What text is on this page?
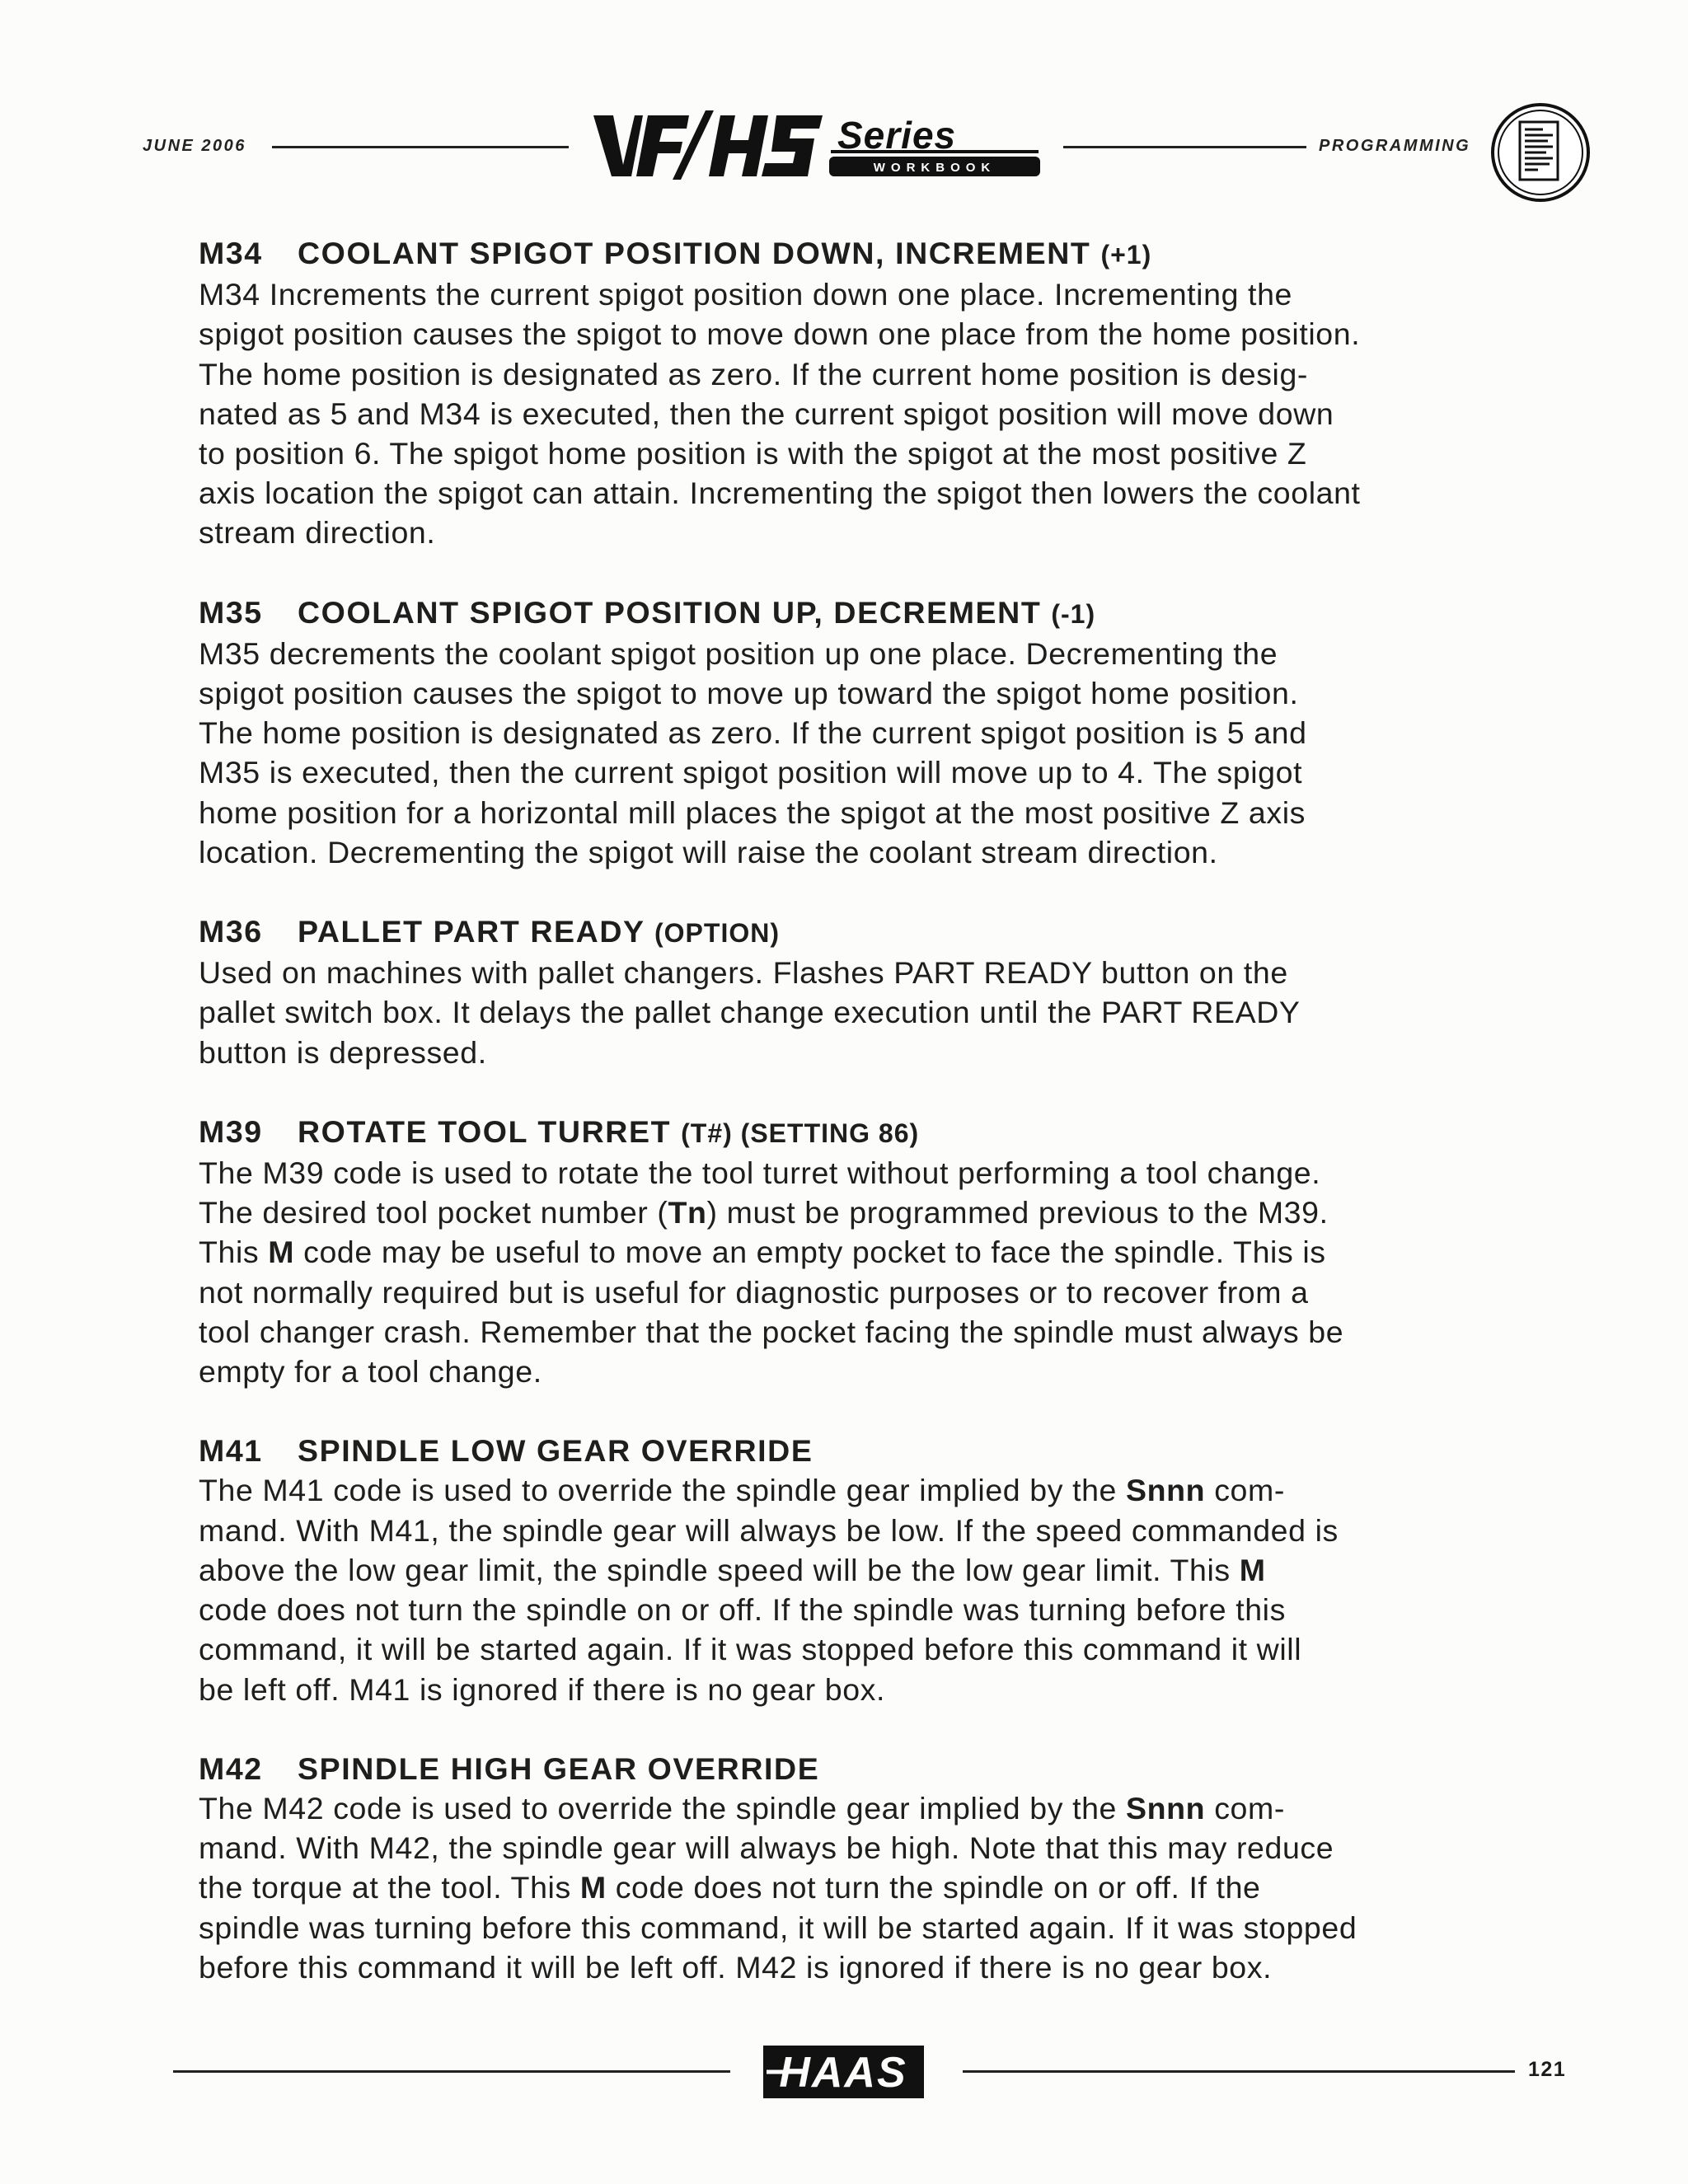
JUNE 2006	Series
WORKBOOK
PROGRAMMING
M34 COOLANT SPIGOT POSITION DOWN, INCREMENT (+1)
M34 Increments the current spigot position down one place. Incrementing the
spigot position causes the spigot to move down one place from the home position.
The home position is designated as zero. If the current home position is desig-
nated as 5 and M34 is executed, then the current spigot position will move down
to position 6. The spigot home position is with the spigot at the most positive Z
axis location the spigot can attain. Incrementing the spigot then lowers the coolant
stream direction.
M35 COOLANT SPIGOT POSITION UP, DECREMENT (-1)
M35 decrements the coolant spigot position up one place. Decrementing the
spigot position causes the spigot to move up toward the spigot home position.
The home position is designated as zero. If the current spigot position is 5 and
M35 is executed, then the current spigot position will move up to 4. The spigot
home position for a horizontal mill places the spigot at the most positive Z axis
location. Decrementing the spigot will raise the coolant stream direction.
M36 PALLET PART READY (OPTION)
Used on machines with pallet changers. Flashes PART READY button on the
pallet switch box. It delays the pallet change execution until the PART READY
button is depressed.
M39 ROTATE TOOL TURRET (T#) (SETTING 86)
The M39 code is used to rotate the tool turret without performing a tool change.
The desired tool pocket number (Tn) must be programmed previous to the M39.
This M code may be useful to move an empty pocket to face the spindle. This is
not normally required but is useful for diagnostic purposes or to recover from a
tool changer crash. Remember that the pocket facing the spindle must always be
empty for a tool change.
M41 SPINDLE LOW GEAR OVERRIDE
The M41 code is used to override the spindle gear implied by the Snnn com-
mand. With M41, the spindle gear will always be low. If the speed commanded is
above the low gear limit, the spindle speed will be the low gear limit. This M
code does not turn the spindle on or off. If the spindle was turning before this
command, it will be started again. If it was stopped before this command it will
be left off. M41 is ignored if there is no gear box.
M42 SPINDLE HIGH GEAR OVERRIDE
The M42 code is used to override the spindle gear implied by the Snnn com-
mand. With M42, the spindle gear will always be high. Note that this may reduce
the torque at the tool. This M code does not turn the spindle on or off. If the
spindle was turning before this command, it will be started again. If it was stopped
before this command it will be left off. M42 is ignored if there is no gear box.
HAAS	121
